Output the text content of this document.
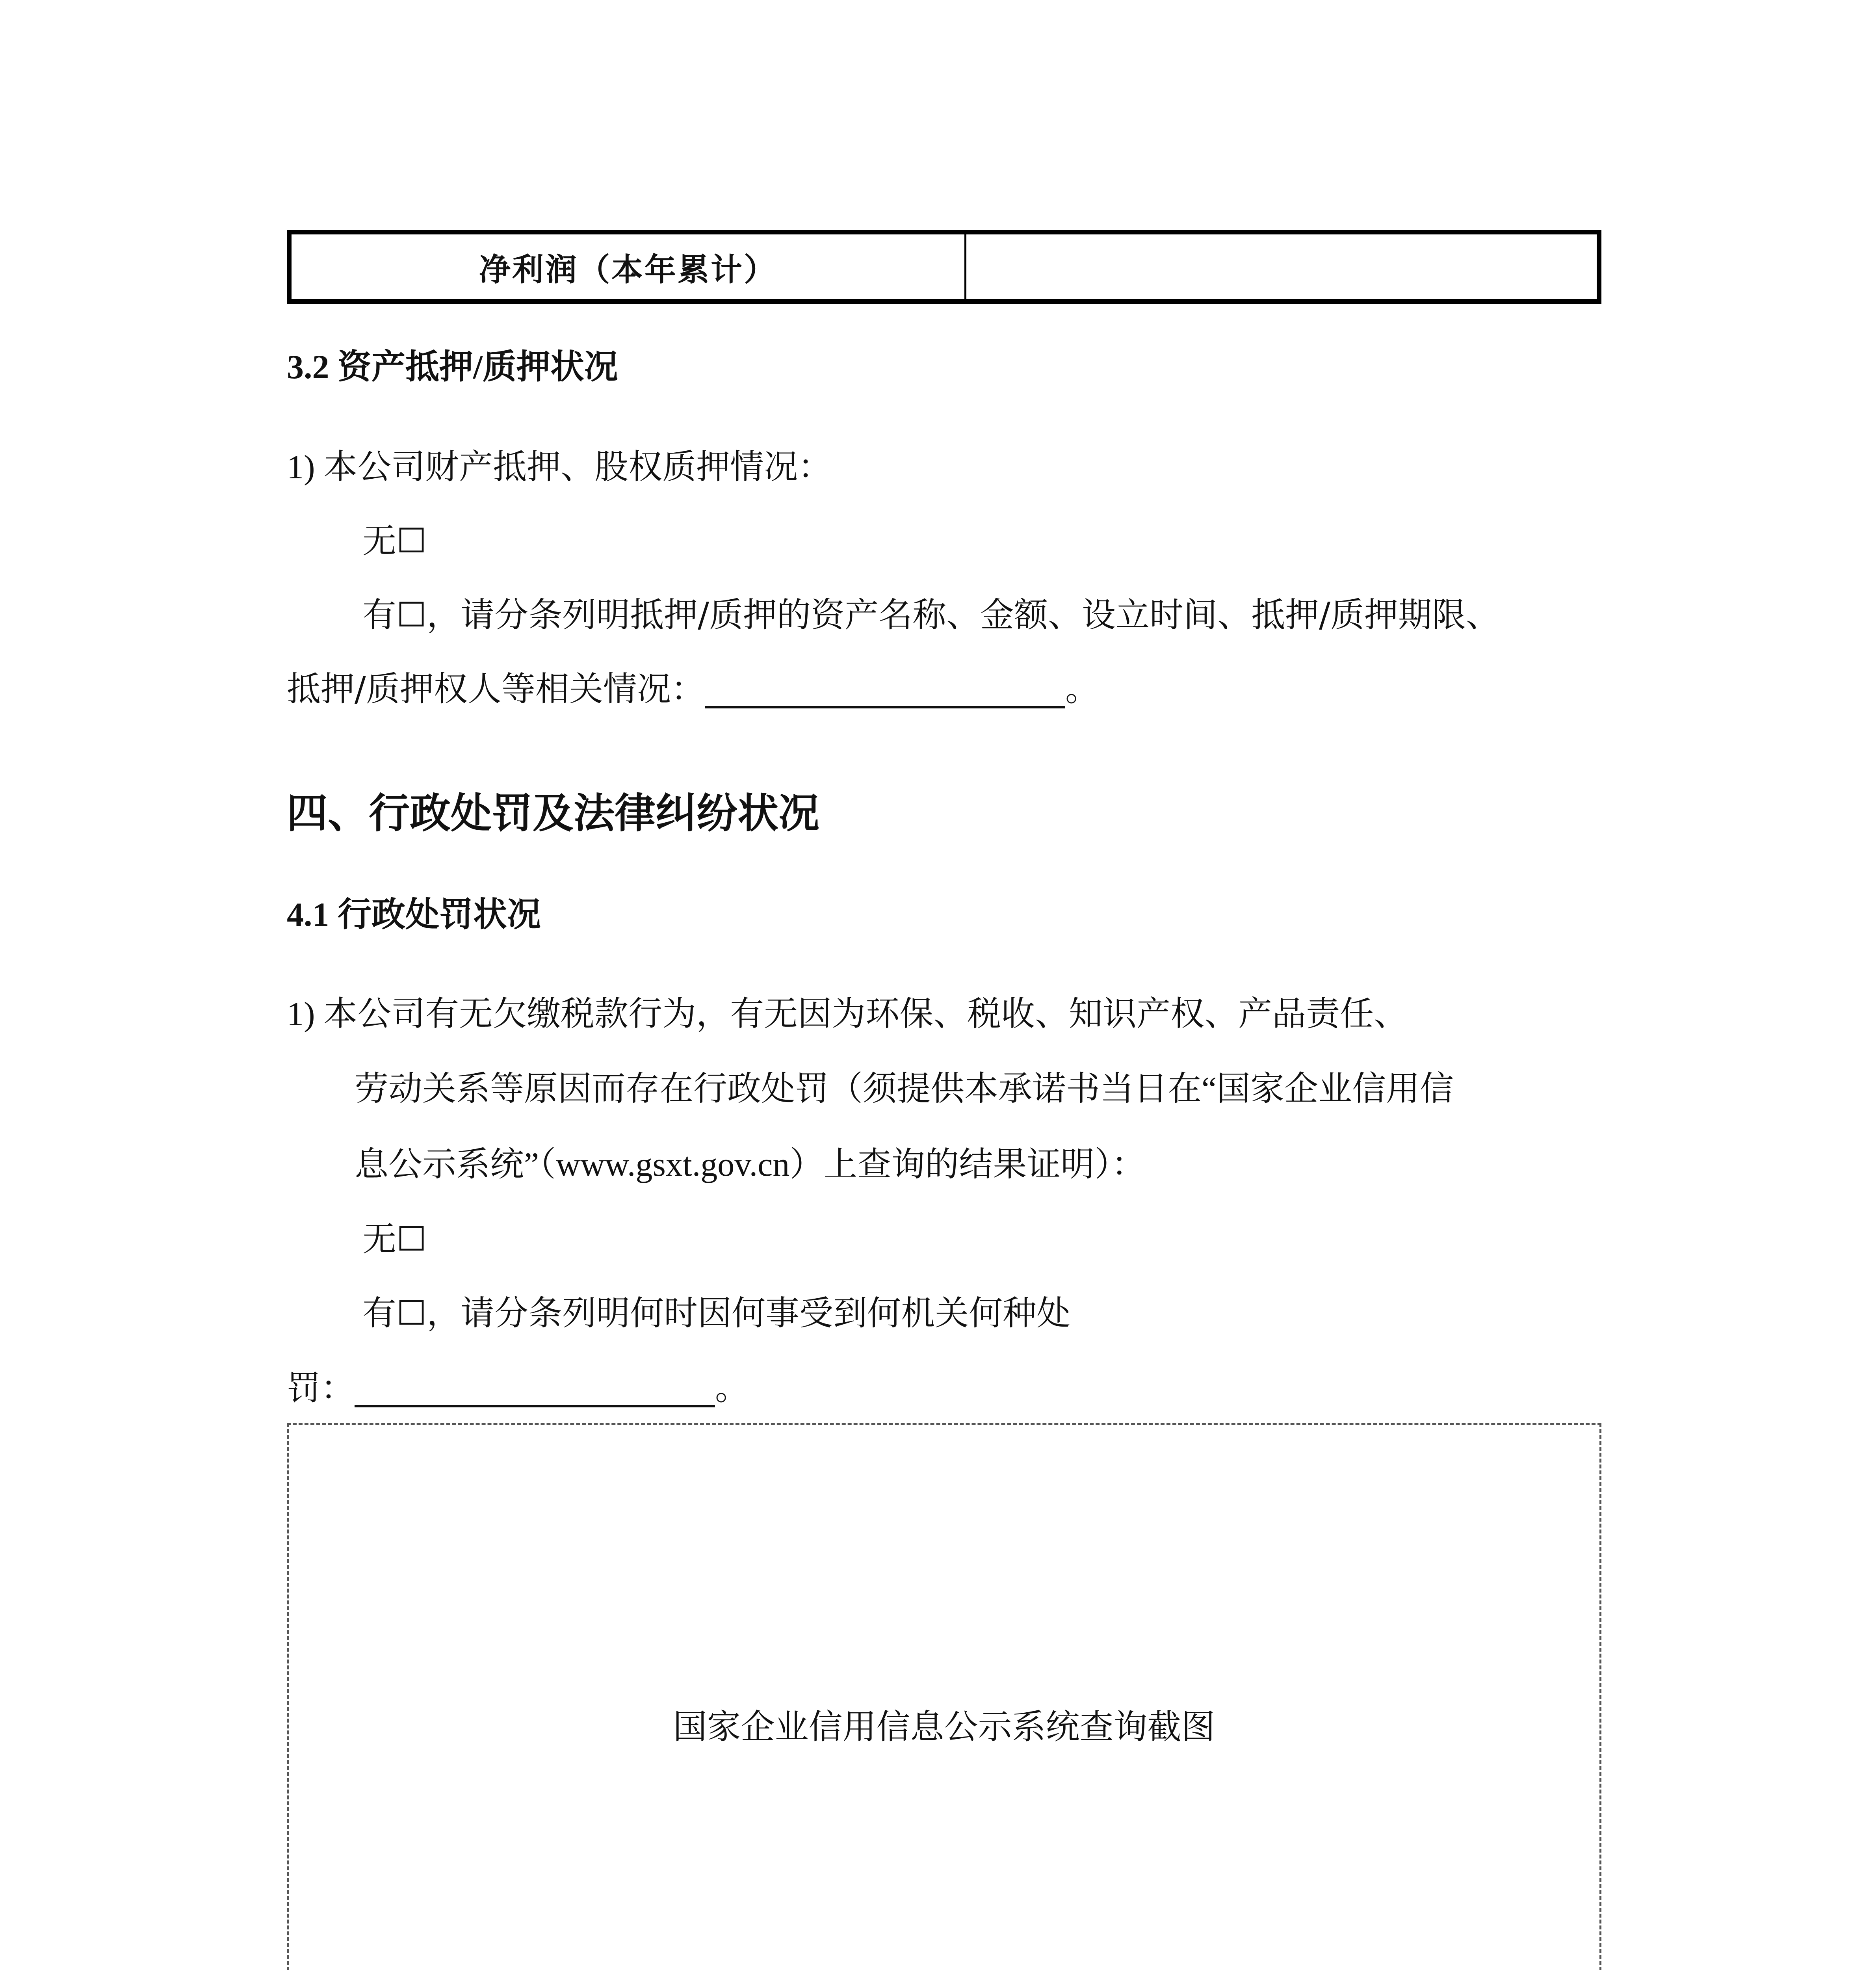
净利润（本年累计）
3.2 资产抵押/质押状况
1) 本公司财产抵押、股权质押情况：
无☐
有☐，请分条列明抵押/质押的资产名称、金额、设立时间、抵押/质押期限、
抵押/质押权人等相关情况：	。
四、行政处罚及法律纠纷状况
4.1 行政处罚状况
1) 本公司有无欠缴税款行为，有无因为环保、税收、知识产权、产品责任、
劳动关系等原因而存在行政处罚（须提供本承诺书当日在“国家企业信用信
息公示系统”（www.gsxt.gov.cn）上查询的结果证明）：
无☐
有☐，请分条列明何时因何事受到何机关何种处
罚：	。
国家企业信用信息公示系统查询截图
